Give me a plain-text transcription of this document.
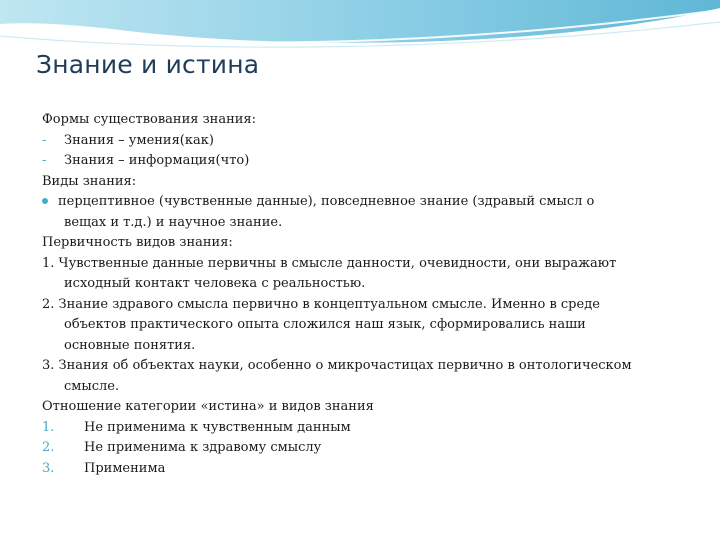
Знание и истина
Формы существования знания:
- Знания – умения(как)
- Знания – информация(что)
Виды знания:
перцептивное (чувственные данные), повседневное знание (здравый смысл о
вещах и т.д.) и научное знание.
Первичность видов знания:
1. Чувственные данные первичны в смысле данности, очевидности, они выражают
исходный контакт человека с реальностью.
2. Знание здравого смысла первично в концептуальном смысле. Именно в среде
объектов практического опыта сложился наш язык, сформировались наши
основные понятия.
3. Знания об объектах науки, особенно о микрочастицах первично в онтологическом
смысле.
Отношение категории «истина» и видов знания
1. Не применима к чувственным данным
2. Не применима к здравому смыслу
3. Применима
